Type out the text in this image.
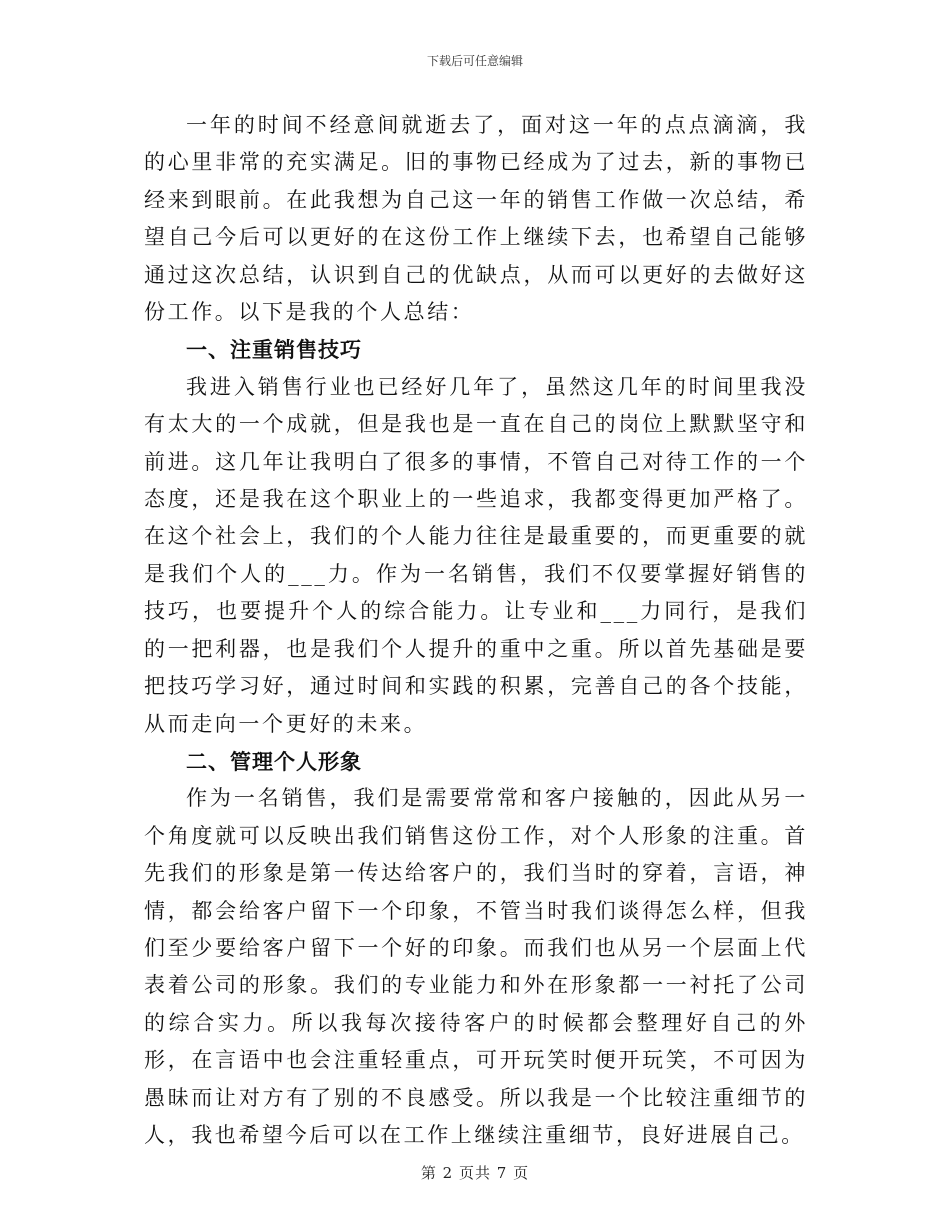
下载后可任意编辑

一年的时间不经意间就逝去了，面对这一年的点点滴滴，我的心里非常的充实满足。旧的事物已经成为了过去，新的事物已经来到眼前。在此我想为自己这一年的销售工作做一次总结，希望自己今后可以更好的在这份工作上继续下去，也希望自己能够通过这次总结，认识到自己的优缺点，从而可以更好的去做好这份工作。以下是我的个人总结：

一、注重销售技巧

我进入销售行业也已经好几年了，虽然这几年的时间里我没有太大的一个成就，但是我也是一直在自己的岗位上默默坚守和前进。这几年让我明白了很多的事情，不管自己对待工作的一个态度，还是我在这个职业上的一些追求，我都变得更加严格了。在这个社会上，我们的个人能力往往是最重要的，而更重要的就是我们个人的___力。作为一名销售，我们不仅要掌握好销售的技巧，也要提升个人的综合能力。让专业和___力同行，是我们的一把利器，也是我们个人提升的重中之重。所以首先基础是要把技巧学习好，通过时间和实践的积累，完善自己的各个技能，从而走向一个更好的未来。

二、管理个人形象

作为一名销售，我们是需要常常和客户接触的，因此从另一个角度就可以反映出我们销售这份工作，对个人形象的注重。首先我们的形象是第一传达给客户的，我们当时的穿着，言语，神情，都会给客户留下一个印象，不管当时我们谈得怎么样，但我们至少要给客户留下一个好的印象。而我们也从另一个层面上代表着公司的形象。我们的专业能力和外在形象都一一衬托了公司的综合实力。所以我每次接待客户的时候都会整理好自己的外形，在言语中也会注重轻重点，可开玩笑时便开玩笑，不可因为愚昧而让对方有了别的不良感受。所以我是一个比较注重细节的人，我也希望今后可以在工作上继续注重细节，良好进展自己。

第 2 页共 7 页
